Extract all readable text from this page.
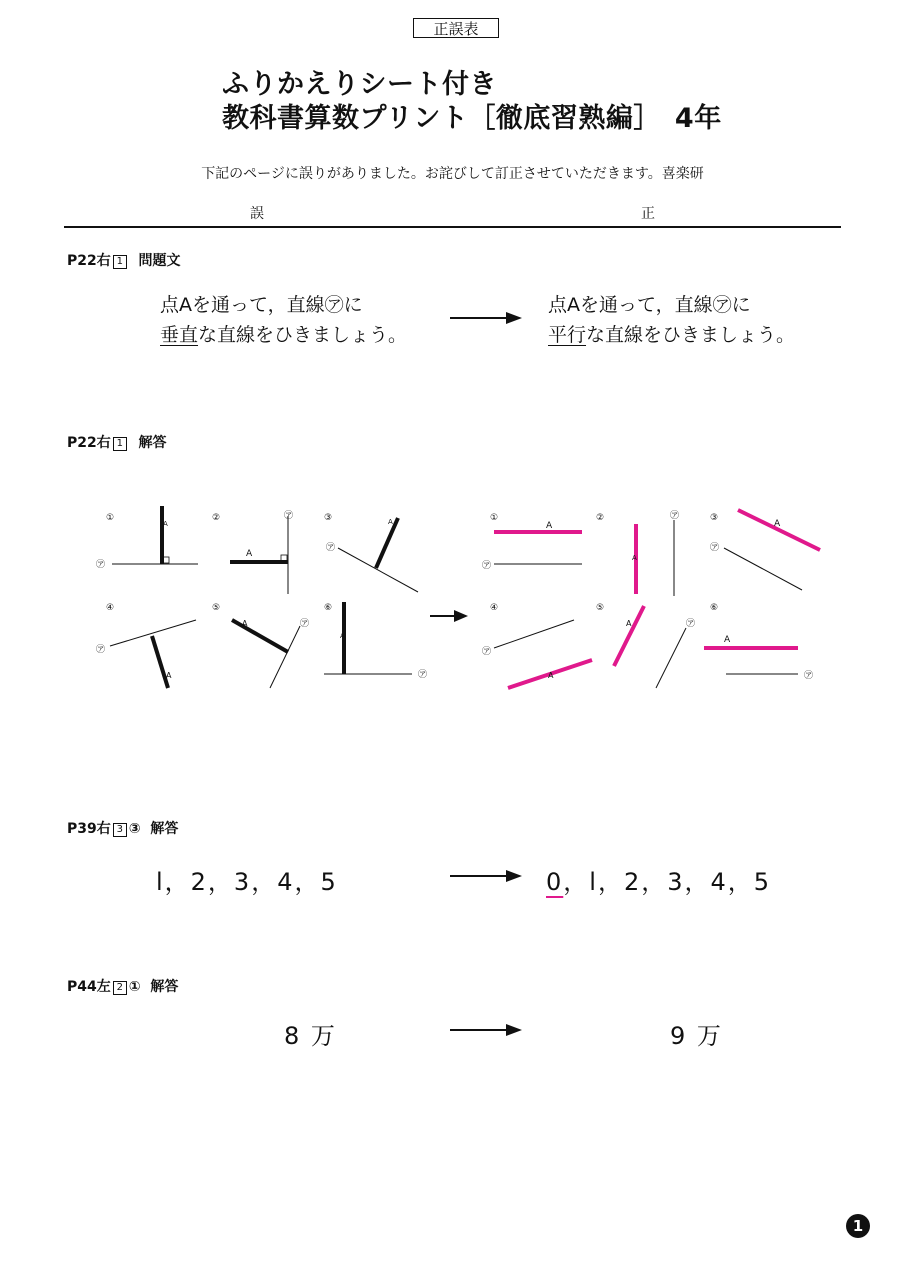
正誤表
ふりかえりシート付き
教科書算数プリント［徹底習熟編］　4年
下記のページに誤りがありました。お詫びして訂正させていただきます。喜楽研
誤	正
P22右 1 問題文
点Aを通って，直線㋐に
垂直な直線をひきましょう。
点Aを通って，直線㋐に
平行な直線をひきましょう。
P22右 1 解答
①
㋐
A
②	㋐
A
③
㋐
A
④
㋐
A
⑤
㋐
A
⑥
㋐
A
①
㋐
A
②	㋐
A
③
㋐
A
④
㋐
A
⑤
㋐
A
⑥
㋐
A
P39右 3 ③ 解答
l，2，3，4，5	0，l，2，3，4，5
P44左 2 ① 解答
8 万	9 万
1
